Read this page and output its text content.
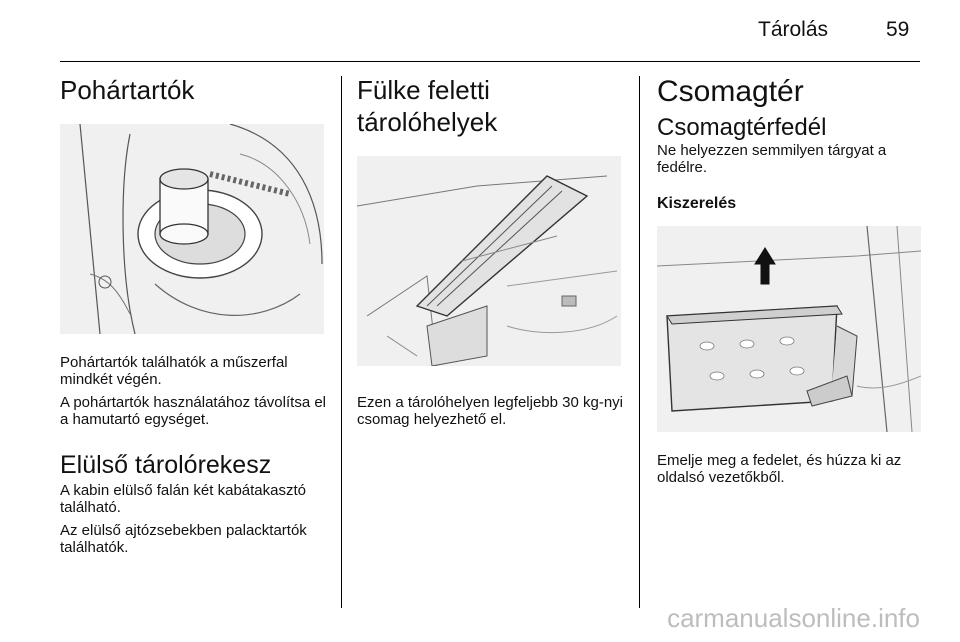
Tárolás	59
Pohártartók

Pohártartók találhatók a műszerfal mindkét végén.

A pohártartók használatához távolítsa el a hamutartó egységet.

Elülső tárolórekesz

A kabin elülső falán két kabátakasztó található.

Az elülső ajtózsebekben palacktartók találhatók.

Fülke feletti tárolóhelyek

Ezen a tárolóhelyen legfeljebb 30 kg-nyi csomag helyezhető el.

Csomagtér
Csomagtérfedél

Ne helyezzen semmilyen tárgyat a fedélre.

Kiszerelés

Emelje meg a fedelet, és húzza ki az oldalsó vezetőkből.

carmanualsonline.info
